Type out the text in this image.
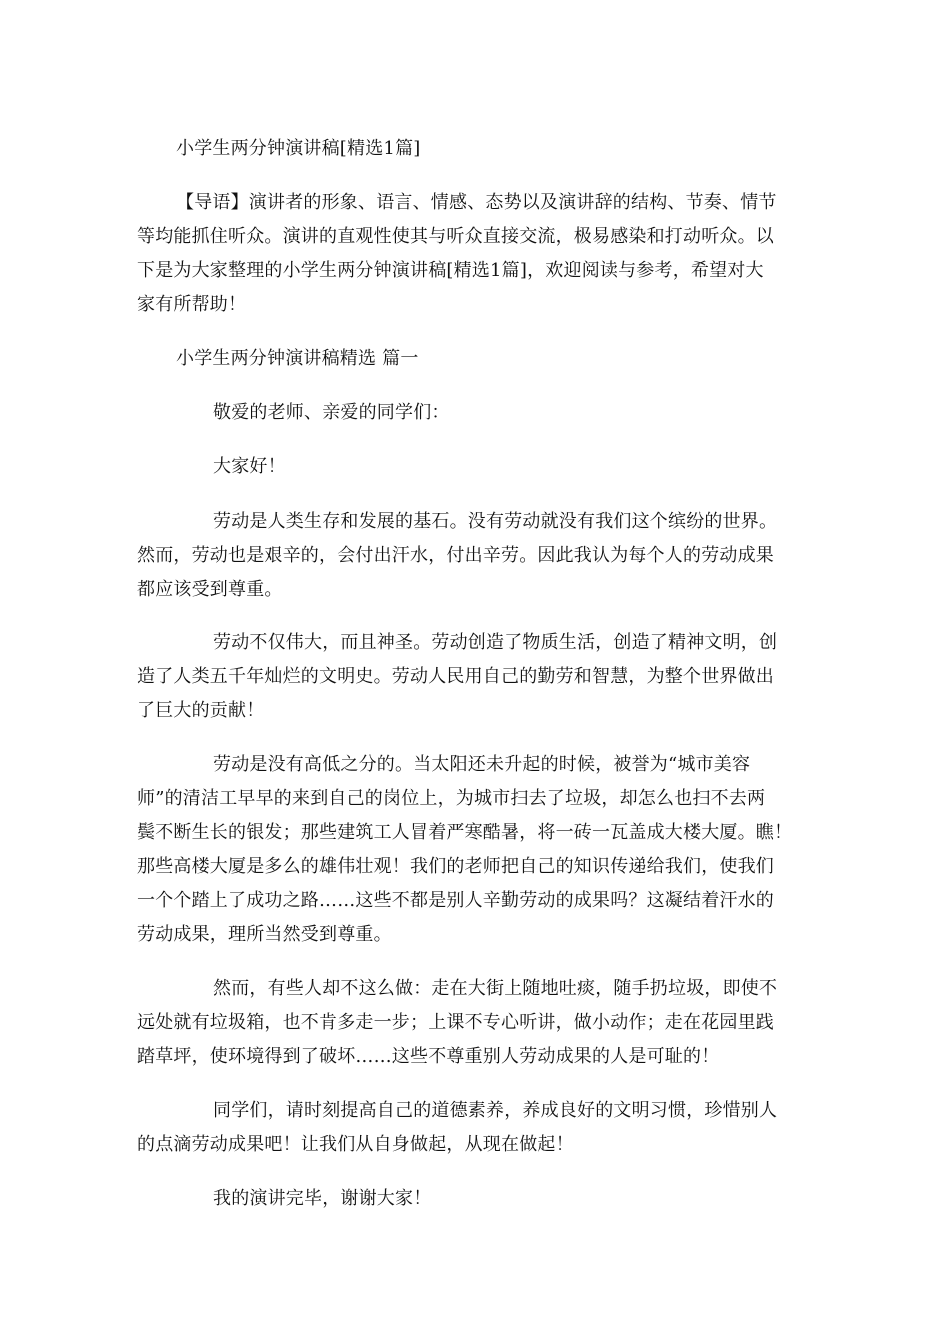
小学生两分钟演讲稿[精选1篇]
【导语】演讲者的形象、语言、情感、态势以及演讲辞的结构、节奏、情节
等均能抓住听众。演讲的直观性使其与听众直接交流，极易感染和打动听众。以
下是为大家整理的小学生两分钟演讲稿[精选1篇]，欢迎阅读与参考，希望对大
家有所帮助！
小学生两分钟演讲稿精选 篇一
敬爱的老师、亲爱的同学们：
大家好！
劳动是人类生存和发展的基石。没有劳动就没有我们这个缤纷的世界。
然而，劳动也是艰辛的，会付出汗水，付出辛劳。因此我认为每个人的劳动成果
都应该受到尊重。
劳动不仅伟大，而且神圣。劳动创造了物质生活，创造了精神文明，创
造了人类五千年灿烂的文明史。劳动人民用自己的勤劳和智慧，为整个世界做出
了巨大的贡献！
劳动是没有高低之分的。当太阳还未升起的时候，被誉为“城市美容
师”的清洁工早早的来到自己的岗位上，为城市扫去了垃圾，却怎么也扫不去两
鬓不断生长的银发；那些建筑工人冒着严寒酷暑，将一砖一瓦盖成大楼大厦。瞧！
那些高楼大厦是多么的雄伟壮观！我们的老师把自己的知识传递给我们，使我们
一个个踏上了成功之路……这些不都是别人辛勤劳动的成果吗？这凝结着汗水的
劳动成果，理所当然受到尊重。
然而，有些人却不这么做：走在大街上随地吐痰，随手扔垃圾，即使不
远处就有垃圾箱，也不肯多走一步；上课不专心听讲，做小动作；走在花园里践
踏草坪，使环境得到了破坏……这些不尊重别人劳动成果的人是可耻的！
同学们，请时刻提高自己的道德素养，养成良好的文明习惯，珍惜别人
的点滴劳动成果吧！让我们从自身做起，从现在做起！
我的演讲完毕，谢谢大家！
